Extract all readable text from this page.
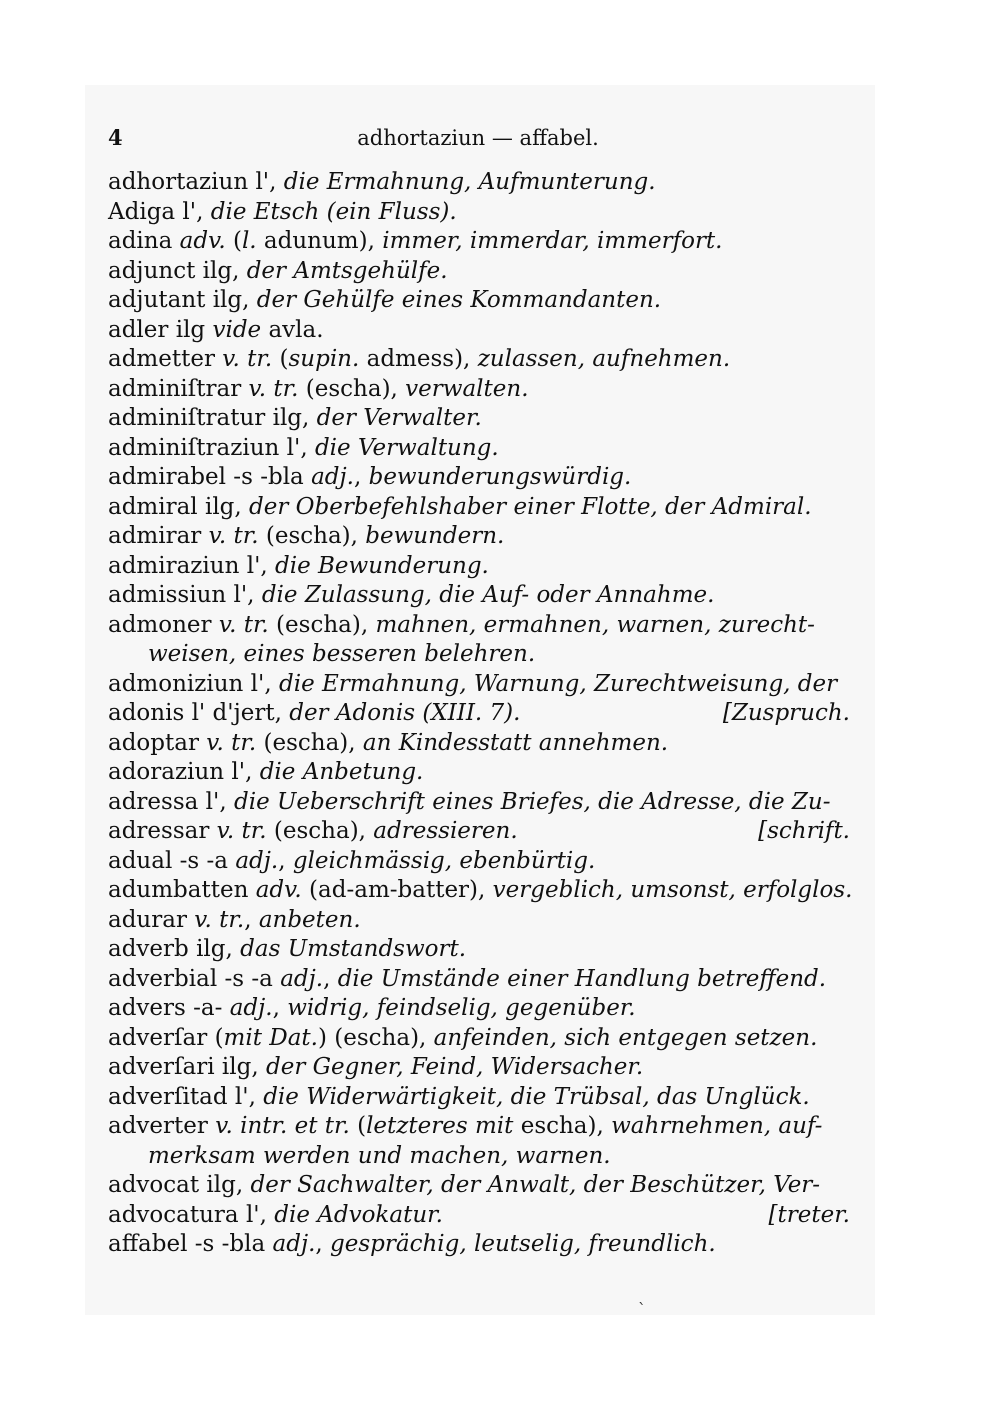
4	adhortaziun — affabel.
adhortaziun l', die Ermahnung, Aufmunterung.
Adiga l', die Etsch (ein Fluss).
adina adv. (l. adunum), immer, immerdar, immerfort.
adjunct ilg, der Amtsgehülfe.
adjutant ilg, der Gehülfe eines Kommandanten.
adler ilg vide avla.
admetter v. tr. (supin. admess), zulassen, aufnehmen.
adminiſtrar v. tr. (escha), verwalten.
adminiſtratur ilg, der Verwalter.
adminiſtraziun l', die Verwaltung.
admirabel -s -bla adj., bewunderungswürdig.
admiral ilg, der Oberbefehlshaber einer Flotte, der Admiral.
admirar v. tr. (escha), bewundern.
admiraziun l', die Bewunderung.
admissiun l', die Zulassung, die Auf- oder Annahme.
admoner v. tr. (escha), mahnen, ermahnen, warnen, zurecht-
weisen, eines besseren belehren.
admoniziun l', die Ermahnung, Warnung, Zurechtweisung, der
adonis l' d'jert, der Adonis (XIII. 7).	[Zuspruch.
adoptar v. tr. (escha), an Kindesstatt annehmen.
adoraziun l', die Anbetung.
adressa l', die Ueberschrift eines Briefes, die Adresse, die Zu-
adressar v. tr. (escha), adressieren.	[schrift.
adual -s -a adj., gleichmässig, ebenbürtig.
adumbatten adv. (ad-am-batter), vergeblich, umsonst, erfolglos.
adurar v. tr., anbeten.
adverb ilg, das Umstandswort.
adverbial -s -a adj., die Umstände einer Handlung betreffend.
advers -a- adj., widrig, feindselig, gegenüber.
adverſar (mit Dat.) (escha), anfeinden, sich entgegen setzen.
adverſari ilg, der Gegner, Feind, Widersacher.
adverſitad l', die Widerwärtigkeit, die Trübsal, das Unglück.
adverter v. intr. et tr. (letzteres mit escha), wahrnehmen, auf-
merksam werden und machen, warnen.
advocat ilg, der Sachwalter, der Anwalt, der Beschützer, Ver-
advocatura l', die Advokatur.	[treter.
affabel -s -bla adj., gesprächig, leutselig, freundlich.
`
